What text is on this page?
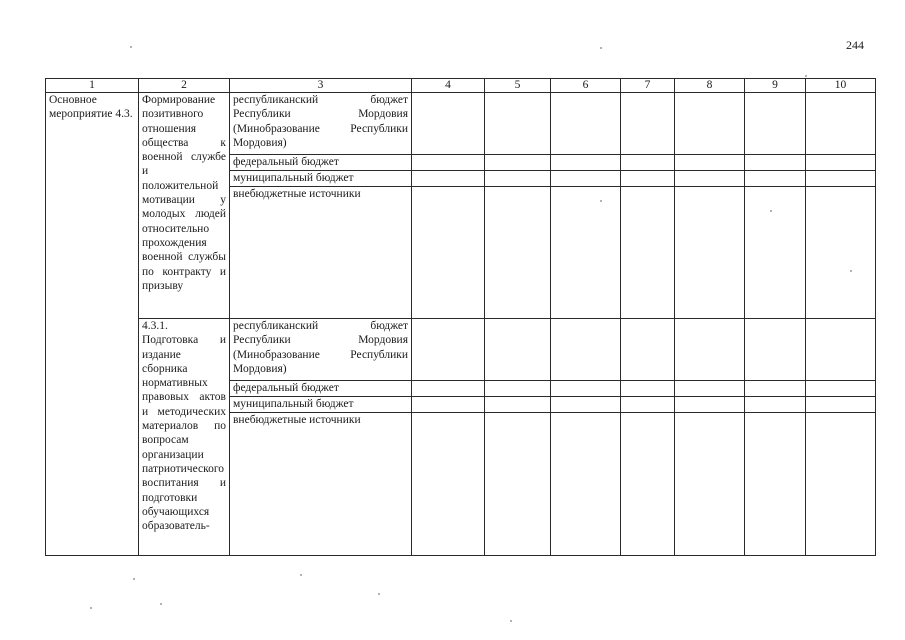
244
1	2	3	4	5	6	7	8	9	10
Основное мероприятие 4.3.	Формирование позитивного отношения общества к военной службе и положительной мотивации у молодых людей относительно прохождения военной службы по контракту и призыву	республиканский бюджет Республики Мордовия (Минобразование Республики Мордовия)							
		федеральный бюджет							
		муниципальный бюджет							
		внебюджетные источники							
	4.3.1. Подготовка и издание сборника нормативных правовых актов и методических материалов по вопросам организации патриотического воспитания и подготовки обучающихся образователь-	республиканский бюджет Республики Мордовия (Минобразование Республики Мордовия)							
		федеральный бюджет							
		муниципальный бюджет							
		внебюджетные источники							
